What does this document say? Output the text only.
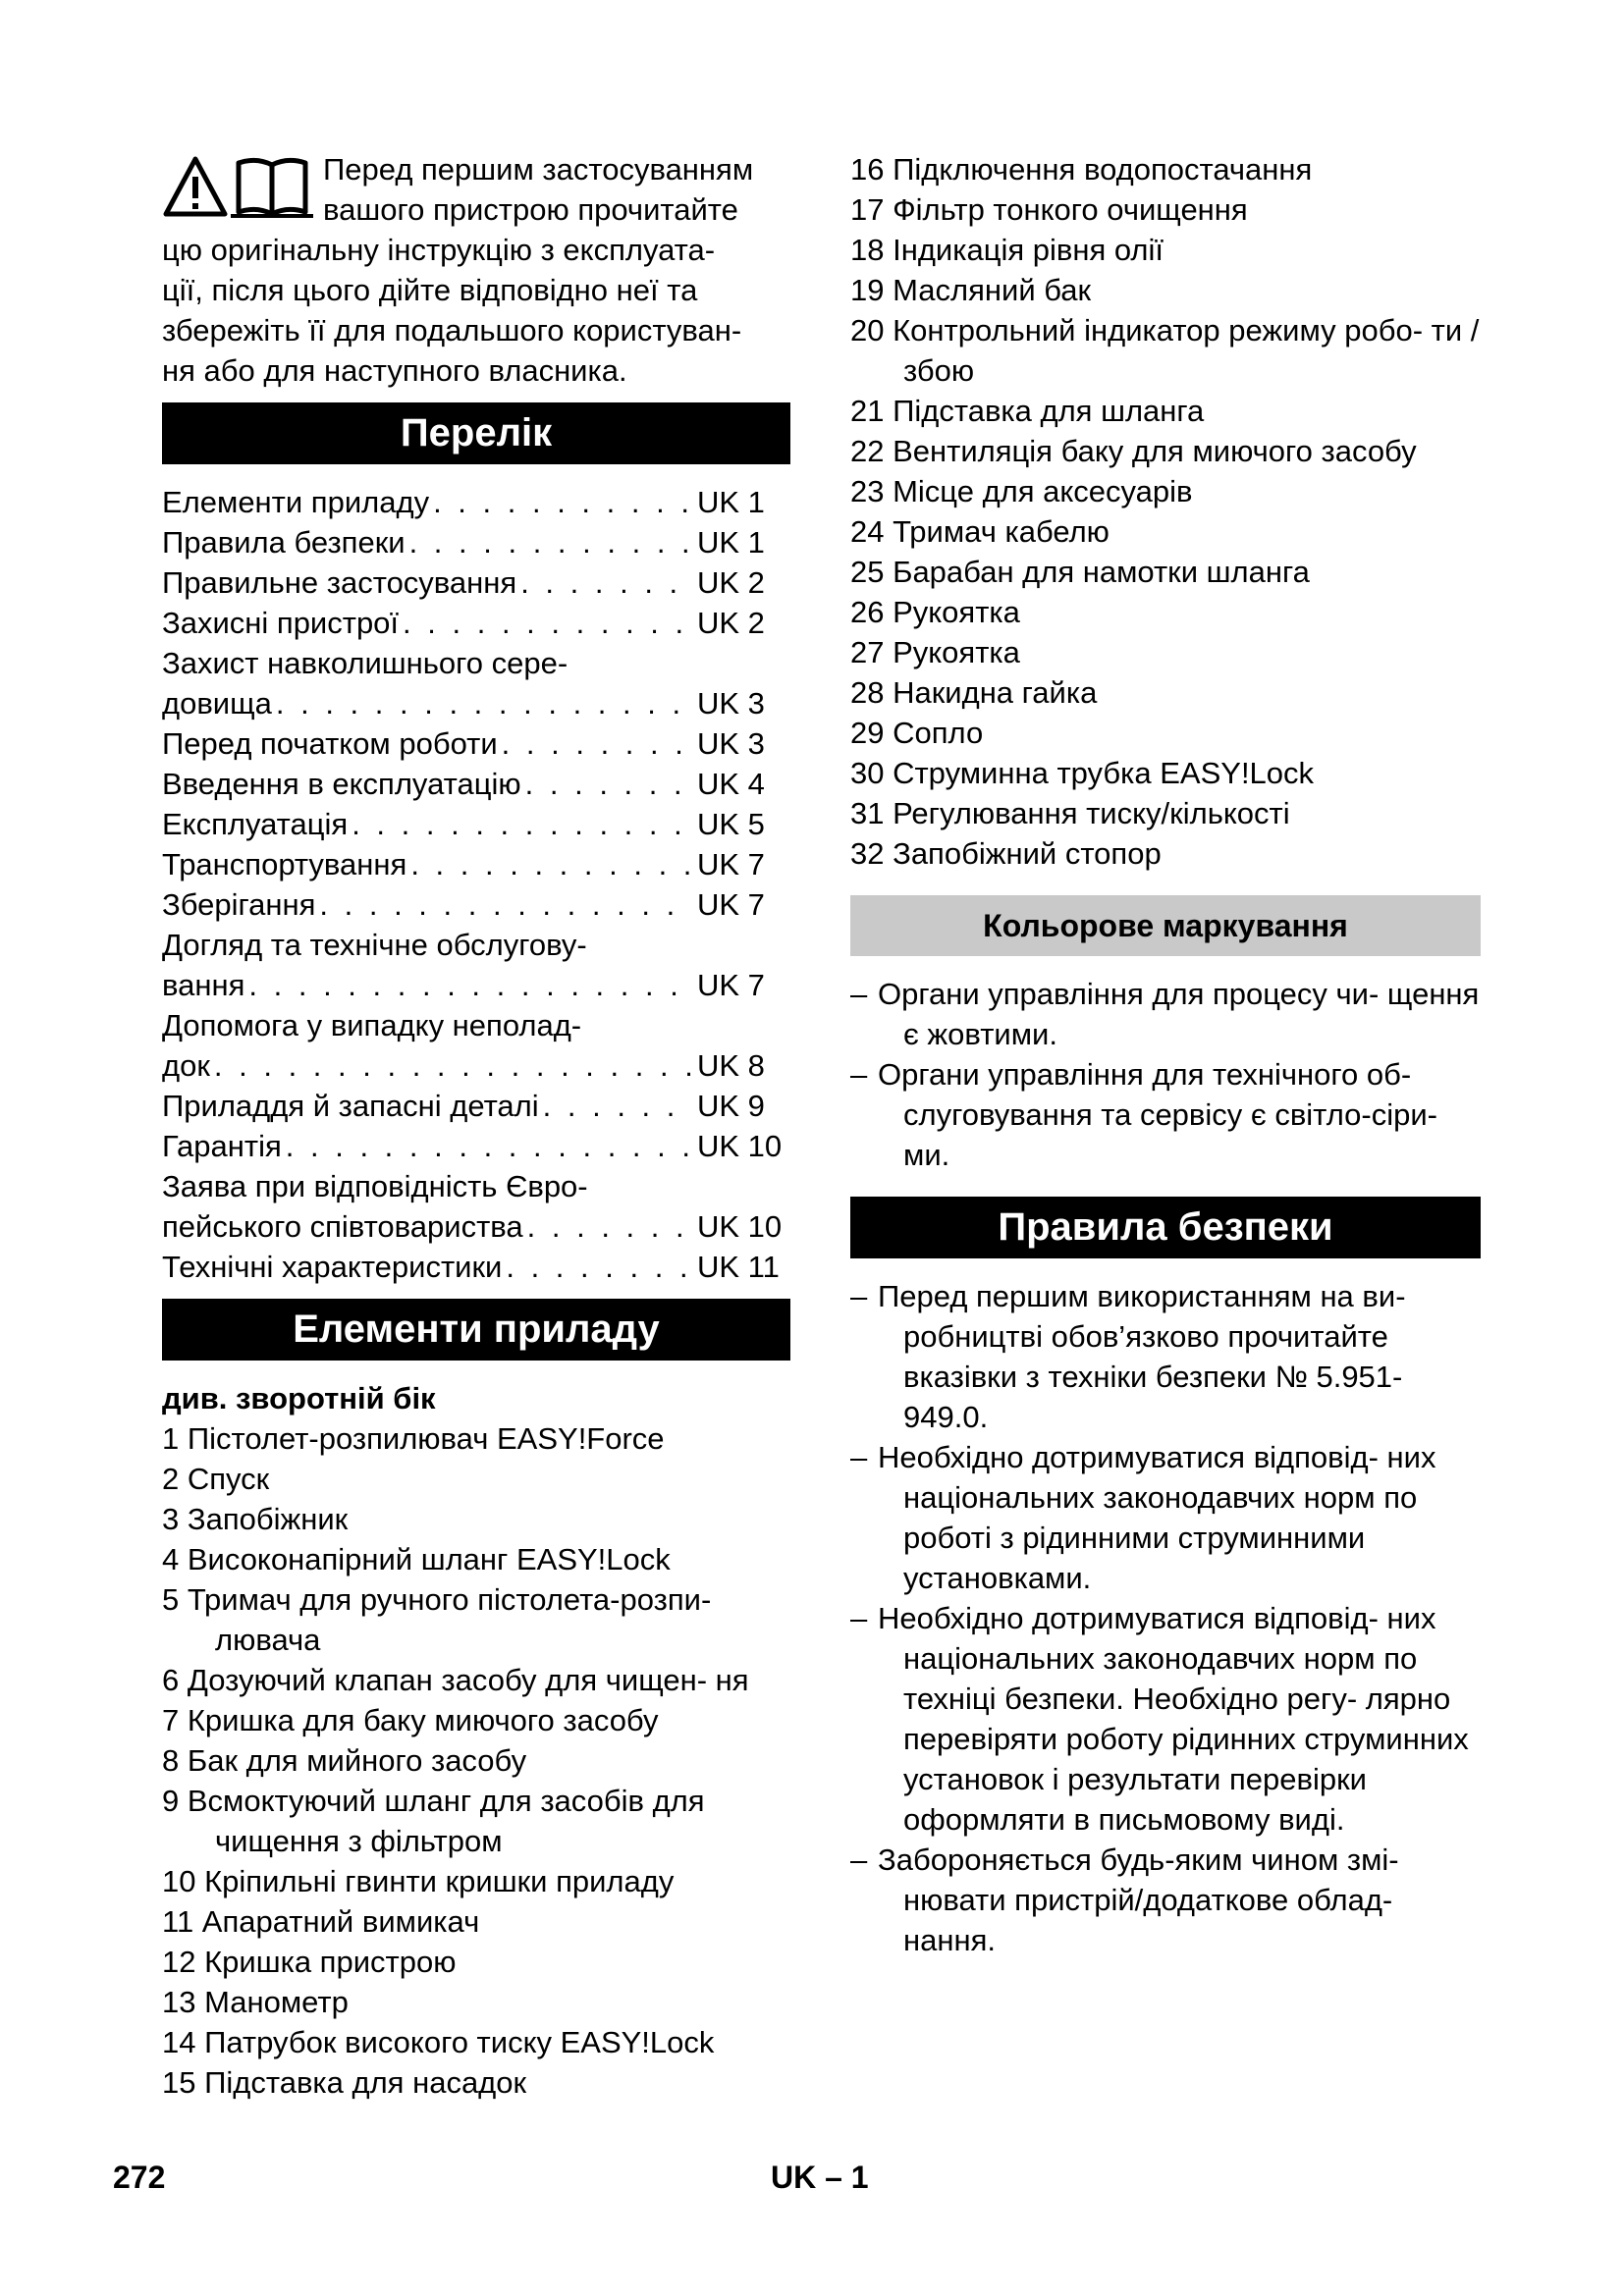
Перед першим застосуванням
вашого пристрою прочитайте
цю оригінальну інструкцію з експлуата-
ції, після цього дійте відповідно неї та
збережіть її для подальшого користуван-
ня або для наступного власника.
Перелік
Елементи приладу . . .	UK 1
Правила безпеки . . .	UK 1
Правильне застосування . . .	UK 2
Захисні пристрої . . .	UK 2
Захист навколишнього сере-
довища . . .	UK 3
Перед початком роботи . . .	UK 3
Введення в експлуатацію . . .	UK 4
Експлуатація . . .	UK 5
Транспортування . . .	UK 7
Зберігання . . .	UK 7
Догляд та технічне обслугову-
вання . . .	UK 7
Допомога у випадку неполад-
док . . .	UK 8
Приладдя й запасні деталі . . .	UK 9
Гарантія . . .	UK 10
Заява при відповідність Євро-
пейського співтовариства . . .	UK 10
Технічні характеристики . . .	UK 11
Елементи приладу
див. зворотній бік
1 Пістолет-розпилювач EASY!Force
2 Спуск
3 Запобіжник
4 Високонапірний шланг EASY!Lock
5 Тримач для ручного пістолета-розпи- лювача
6 Дозуючий клапан засобу для чищен- ня
7 Кришка для баку миючого засобу
8 Бак для мийного засобу
9 Всмоктуючий шланг для засобів для чищення з фільтром
10 Кріпильні гвинти кришки приладу
11 Апаратний вимикач
12 Кришка пристрою
13 Манометр
14 Патрубок високого тиску EASY!Lock
15 Підставка для насадок
16 Підключення водопостачання
17 Фільтр тонкого очищення
18 Індикація рівня олії
19 Масляний бак
20 Контрольний індикатор режиму робо- ти / збою
21 Підставка для шланга
22 Вентиляція баку для миючого засобу
23 Місце для аксесуарів
24 Тримач кабелю
25 Барабан для намотки шланга
26 Рукоятка
27 Рукоятка
28 Накидна гайка
29 Сопло
30 Струминна трубка EASY!Lock
31 Регулювання тиску/кількості
32 Запобіжний стопор
Кольорове маркування
– Органи управління для процесу чи- щення є жовтими.
– Органи управління для технічного об- слуговування та сервісу є світло-сіри- ми.
Правила безпеки
– Перед першим використанням на ви- робництві обов’язково прочитайте вказівки з техніки безпеки № 5.951- 949.0.
– Необхідно дотримуватися відповід- них національних законодавчих норм по роботі з рідинними струминними установками.
– Необхідно дотримуватися відповід- них національних законодавчих норм по техніці безпеки. Необхідно регу- лярно перевіряти роботу рідинних струминних установок і результати перевірки оформляти в письмовому виді.
– Забороняється будь-яким чином змі- нювати пристрій/додаткове облад- нання.
272	UK – 1
